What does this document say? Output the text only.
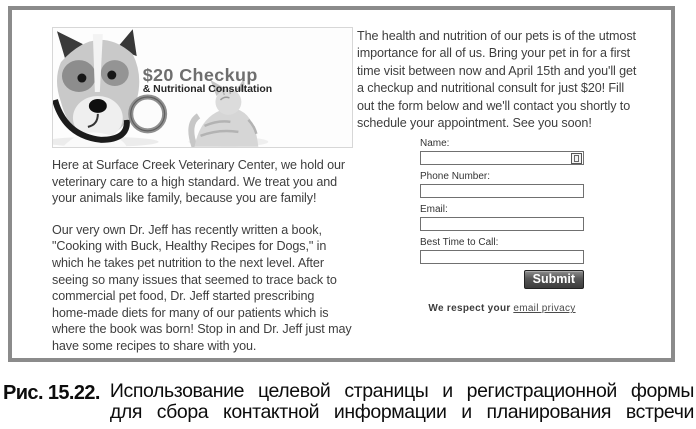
$20 Checkup
& Nutritional Consultation

Here at Surface Creek Veterinary Center, we hold our veterinary care to a high standard. We treat you and your animals like family, because you are family!

Our very own Dr. Jeff has recently written a book, "Cooking with Buck, Healthy Recipes for Dogs," in which he takes pet nutrition to the next level. After seeing so many issues that seemed to trace back to commercial pet food, Dr. Jeff started prescribing home-made diets for many of our patients which is where the book was born! Stop in and Dr. Jeff just may have some recipes to share with you.

The health and nutrition of our pets is of the utmost importance for all of us. Bring your pet in for a first time visit between now and April 15th and you'll get a checkup and nutritional consult for just $20! Fill out the form below and we'll contact you shortly to schedule your appointment. See you soon!

Name:
Phone Number:
Email:
Best Time to Call:
Submit
We respect your email privacy
Рис. 15.22. Использование целевой страницы и регистрационной формы
для сбора контактной информации и планирования встречи
